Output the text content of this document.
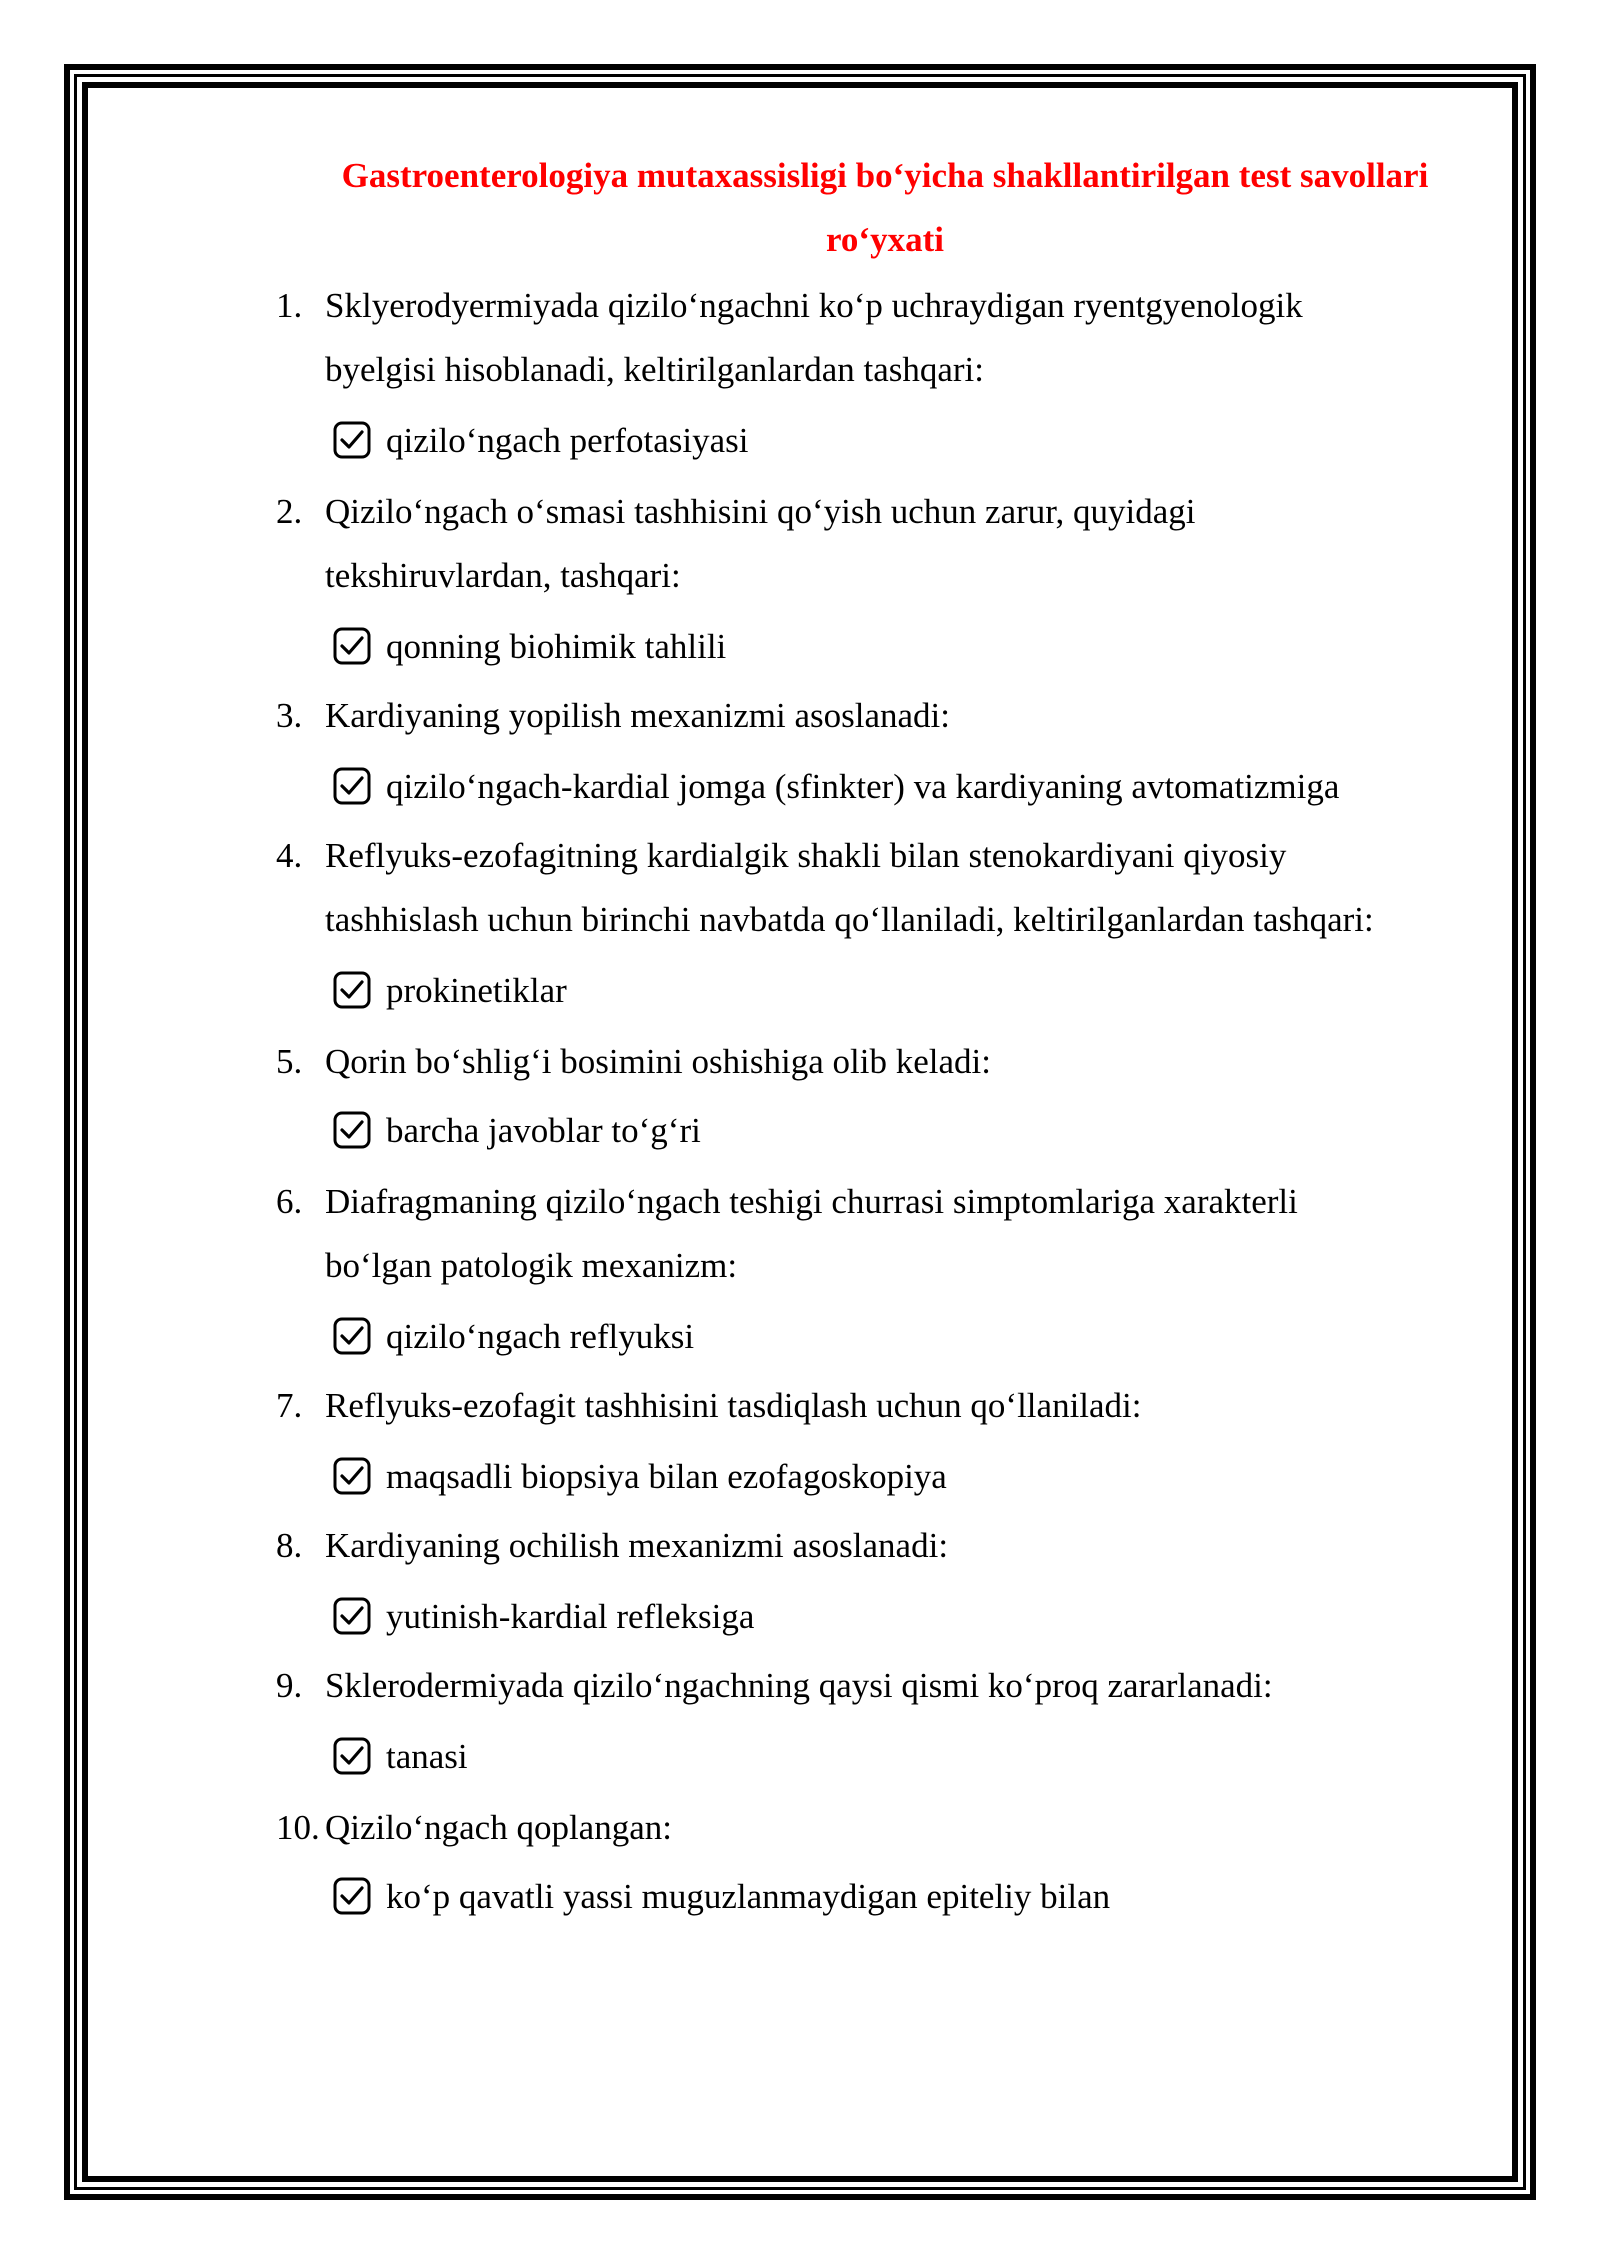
Gastroenterologiya mutaxassisligi bo‘yicha shakllantirilgan test savollari
ro‘yxati
1. Sklyerodyermiyada qizilo‘ngachni ko‘p uchraydigan ryentgyenologik
byelgisi hisoblanadi, keltirilganlardan tashqari:
qizilo‘ngach perfotasiyasi
2. Qizilo‘ngach o‘smasi tashhisini qo‘yish uchun zarur, quyidagi
tekshiruvlardan, tashqari:
qonning biohimik tahlili
3. Kardiyaning yopilish mexanizmi asoslanadi:
qizilo‘ngach-kardial jomga (sfinkter) va kardiyaning avtomatizmiga
4. Reflyuks-ezofagitning kardialgik shakli bilan stenokardiyani qiyosiy
tashhislash uchun birinchi navbatda qo‘llaniladi, keltirilganlardan tashqari:
prokinetiklar
5. Qorin bo‘shlig‘i bosimini oshishiga olib keladi:
barcha javoblar to‘g‘ri
6. Diafragmaning qizilo‘ngach teshigi churrasi simptomlariga xarakterli
bo‘lgan patologik mexanizm:
qizilo‘ngach reflyuksi
7. Reflyuks-ezofagit tashhisini tasdiqlash uchun qo‘llaniladi:
maqsadli biopsiya bilan ezofagoskopiya
8. Kardiyaning ochilish mexanizmi asoslanadi:
yutinish-kardial refleksiga
9. Sklerodermiyada qizilo‘ngachning qaysi qismi ko‘proq zararlanadi:
tanasi
10. Qizilo‘ngach qoplangan:
ko‘p qavatli yassi muguzlanmaydigan epiteliy bilan
